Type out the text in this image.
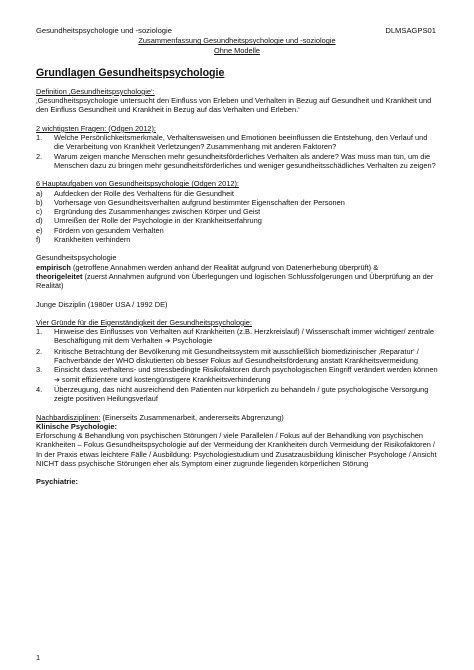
Gesundheitspsychologie und -soziologie	DLMSAGPS01
Zusammenfassung Gesundheitspsychologie und -soziologie
Ohne Modelle
Grundlagen Gesundheitspsychologie
Definition ‚Gesundheitspsychologie‘:
‚Gesundheitspsychologie untersucht den Einfluss von Erleben und Verhalten in Bezug auf Gesundheit und Krankheit und den Einfluss Gesundheit und Krankheit in Bezug auf das Verhalten und Erleben.‘
2 wichtigsten Fragen: (Odgen 2012):
1.	Welche Persönlichkeitsmerkmale, Verhaltensweisen und Emotionen beeinflussen die Entstehung, den Verlauf und die Verarbeitung von Krankheit Verletzungen? Zusammenhang mit anderen Faktoren?
2.	Warum zeigen manche Menschen mehr gesundheitsförderliches Verhalten als andere? Was muss man tun, um die Menschen dazu zu bringen mehr gesundheitsförderliches und weniger gesundheitsschädliches Verhalten zu zeigen?
6 Hauptaufgaben von Gesundheitspsychologie (Odgen 2012):
a)	Aufdecken der Rolle des Verhaltens für die Gesundheit
b)	Vorhersage von Gesundheitsverhalten aufgrund bestimmter Eigenschaften der Personen
c)	Ergründung des Zusammenhanges zwischen Körper und Geist
d)	Umreißen der Rolle der Psychologie in der Krankheitserfahrung
e)	Fördern von gesundem Verhalten
f)	Krankheiten verhindern
Gesundheitspsychologie
empirisch (getroffene Annahmen werden anhand der Realität aufgrund von Datenerhebung überprüft) &
theorigeleitet (zuerst Annahmen aufgrund von Überlegungen und logischen Schlussfolgerungen und Überprüfung an der Realität)
Junge Disziplin (1980er USA / 1992 DE)
Vier Gründe für die Eigenständigkeit der Gesundheitspsychologie:
1.	Hinweise des Einflusses von Verhalten auf Krankheiten (z.B. Herzkreislauf) / Wissenschaft immer wichtiger/ zentrale Beschäftigung mit dem Verhalten ➔ Psychologie
2.	Kritische Betrachtung der Bevölkerung mit Gesundheitssystem mit ausschließlich biomedizinischer ‚Reparatur‘ / Fachverbände der WHO diskutierten ob besser Fokus auf Gesundheitsförderung anstatt Krankheitsvermeidung
3.	Einsicht dass verhaltens- und stressbedingte Risikofaktoren durch psychologischen Eingriff verändert werden können ➔ somit effizientere und kostengünstigere Krankheitsverhinderung
4.	Überzeugung, das nicht ausreichend den Patienten nur körperlich zu behandeln / gute psychologische Versorgung zeigte positiven Heilungsverlauf
Nachbardisziplinen: (Einerseits Zusammenarbeit, andererseits Abgrenzung)
Klinische Psychologie:
Erforschung & Behandlung von psychischen Störungen / viele Parallelen / Fokus auf der Behandlung von psychischen Krankheiten – Fokus Gesundheitspsychologie auf der Vermeidung der Krankheiten durch Vermeidung der Risikofaktoren / In der Praxis etwas leichtere Fälle / Ausbildung: Psychologiestudium und Zusatzausbildung klinischer Psychologe / Ansicht NICHT dass psychische Störungen eher als Symptom einer zugrunde liegenden körperlichen Störung
Psychiatrie:
1
